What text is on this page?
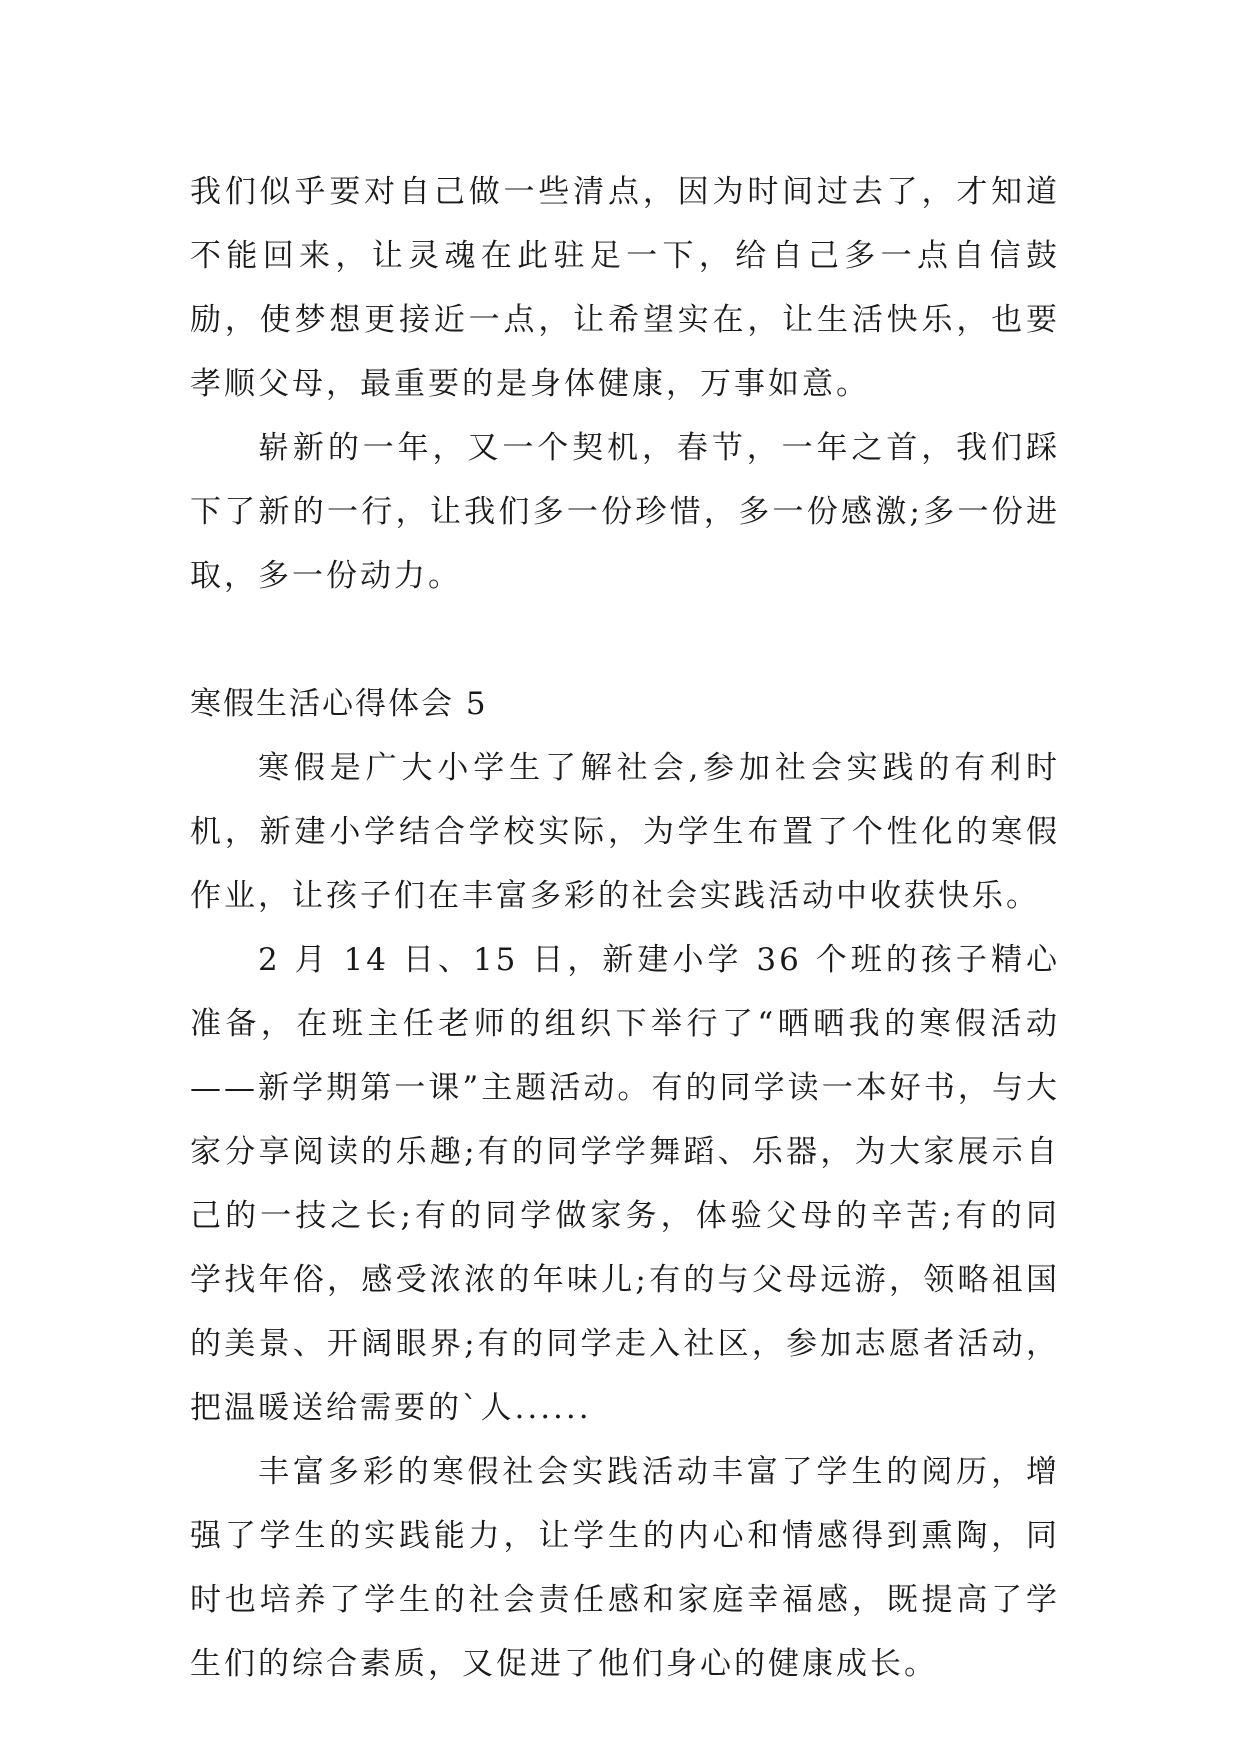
我们似乎要对自己做一些清点，因为时间过去了，才知道不能回来，让灵魂在此驻足一下，给自己多一点自信鼓励，使梦想更接近一点，让希望实在，让生活快乐，也要孝顺父母，最重要的是身体健康，万事如意。

崭新的一年，又一个契机，春节，一年之首，我们踩下了新的一行，让我们多一份珍惜，多一份感激;多一份进取，多一份动力。

寒假生活心得体会 5

寒假是广大小学生了解社会,参加社会实践的有利时机，新建小学结合学校实际，为学生布置了个性化的寒假作业，让孩子们在丰富多彩的社会实践活动中收获快乐。

2 月 14 日、15 日，新建小学 36 个班的孩子精心准备，在班主任老师的组织下举行了“晒晒我的寒假活动——新学期第一课”主题活动。有的同学读一本好书，与大家分享阅读的乐趣;有的同学学舞蹈、乐器，为大家展示自己的一技之长;有的同学做家务，体验父母的辛苦;有的同学找年俗，感受浓浓的年味儿;有的与父母远游，领略祖国的美景、开阔眼界;有的同学走入社区，参加志愿者活动，把温暖送给需要的`人......

丰富多彩的寒假社会实践活动丰富了学生的阅历，增强了学生的实践能力，让学生的内心和情感得到熏陶，同时也培养了学生的社会责任感和家庭幸福感，既提高了学生们的综合素质，又促进了他们身心的健康成长。
